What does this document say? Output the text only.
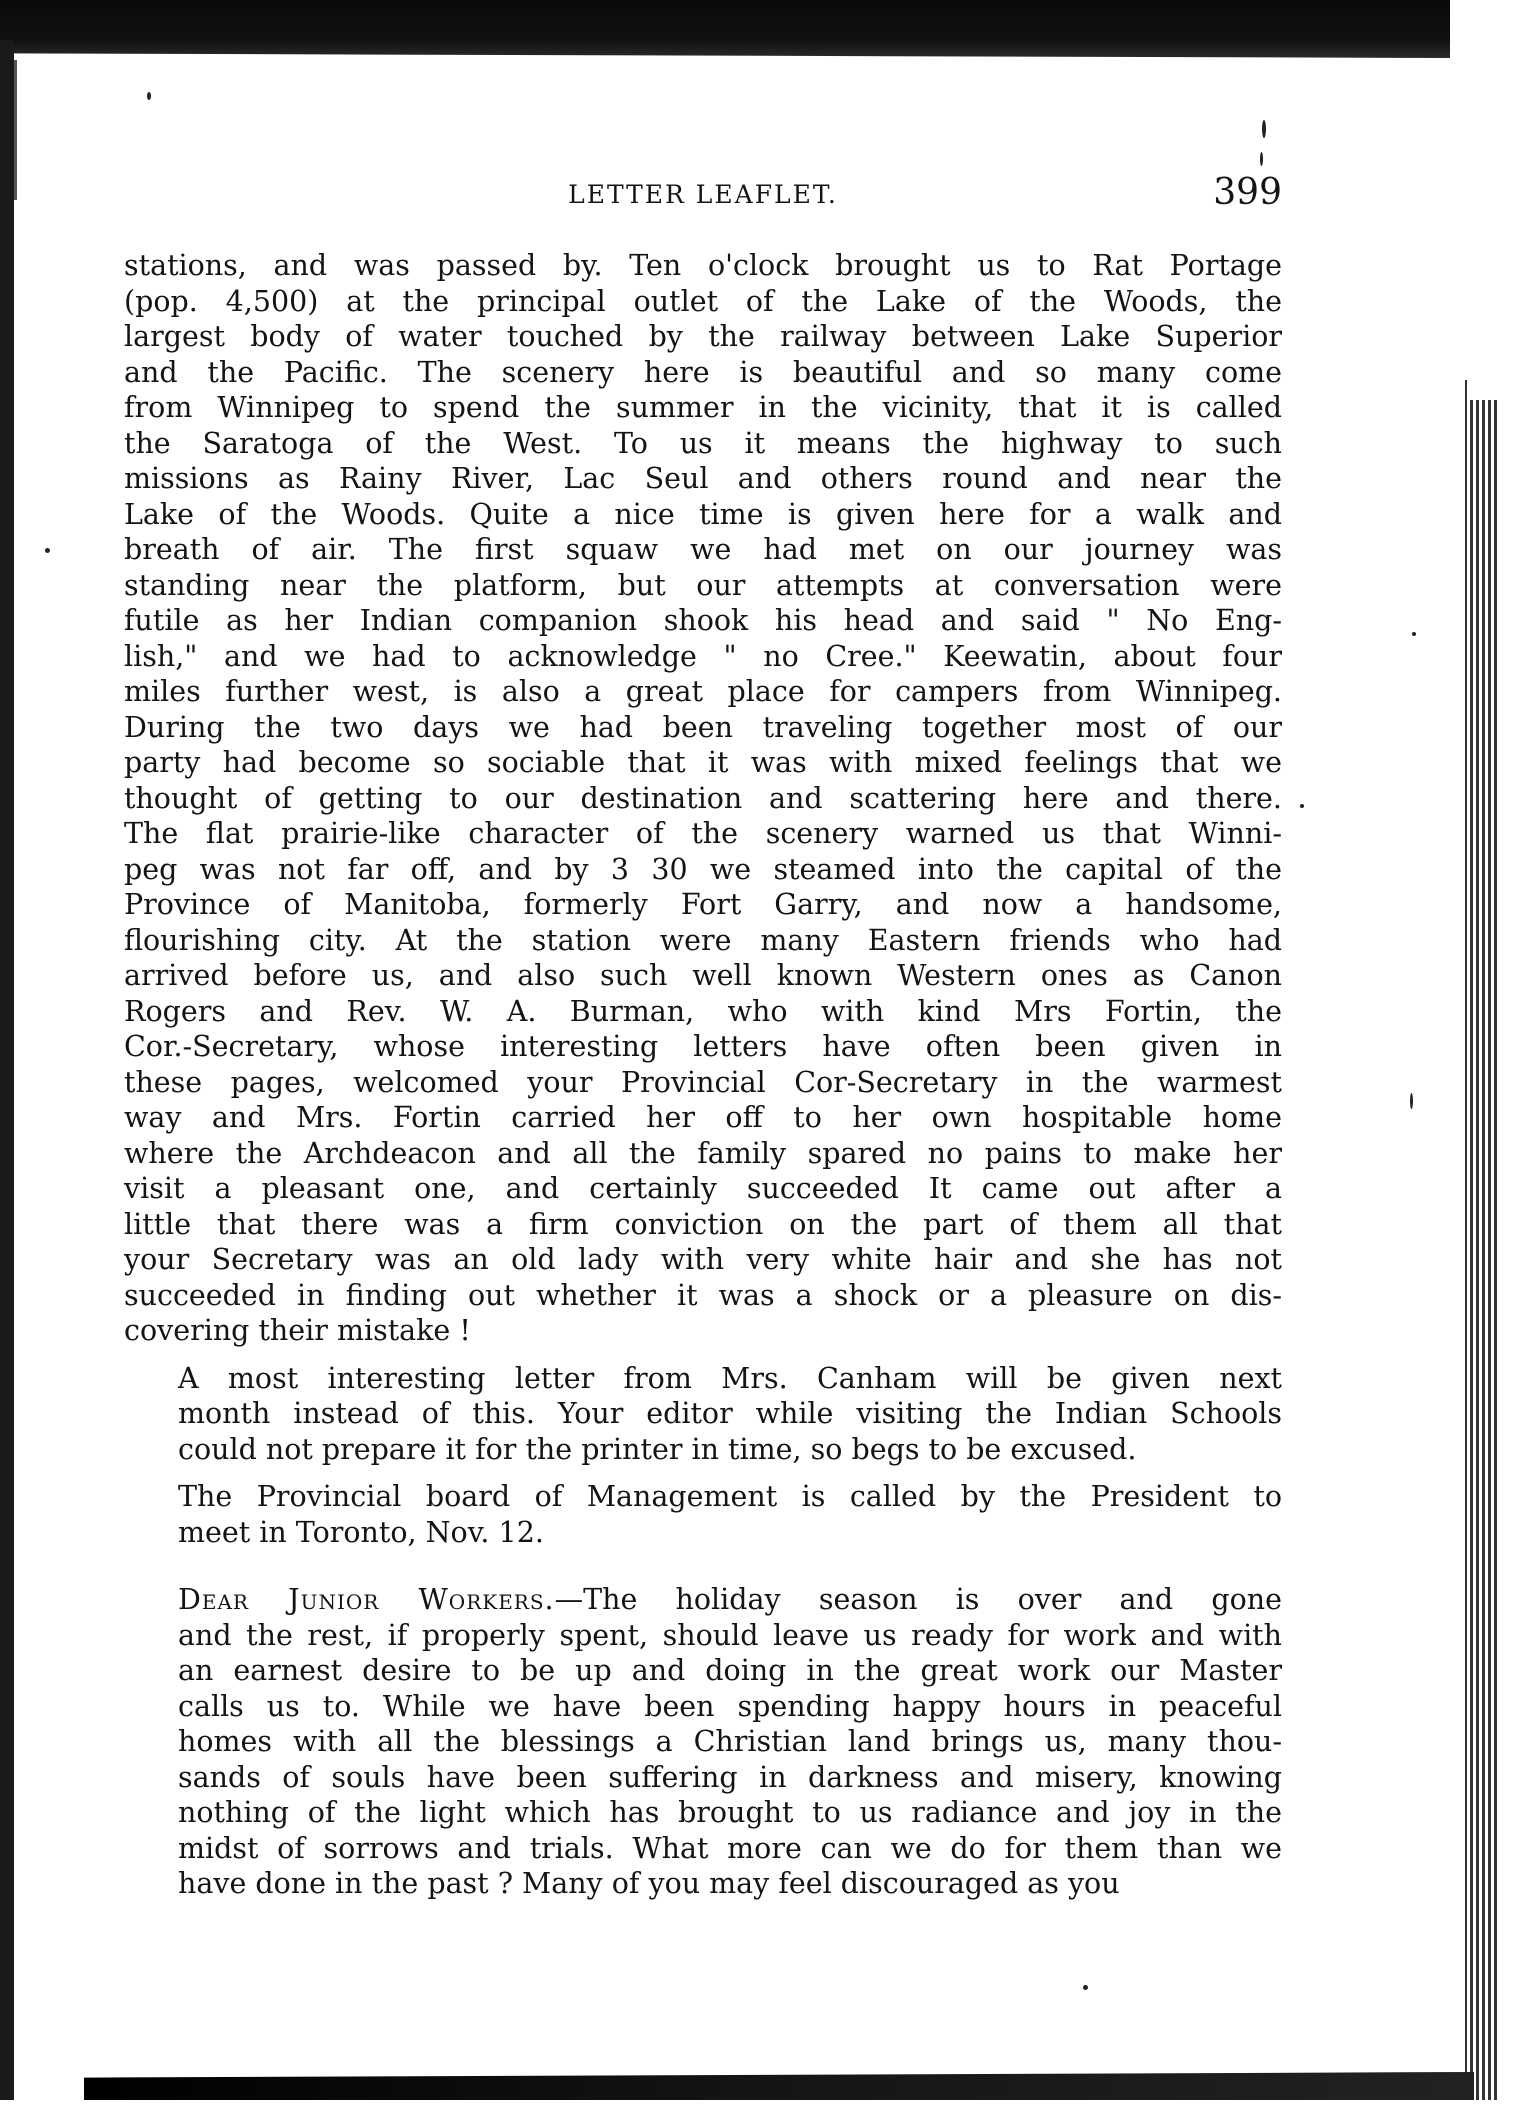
LETTER LEAFLET.	399

stations, and was passed by. Ten o'clock brought us to Rat Portage
(pop. 4,500) at the principal outlet of the Lake of the Woods, the
largest body of water touched by the railway between Lake Superior
and the Pacific. The scenery here is beautiful and so many come
from Winnipeg to spend the summer in the vicinity, that it is called
the Saratoga of the West. To us it means the highway to such
missions as Rainy River, Lac Seul and others round and near the
Lake of the Woods. Quite a nice time is given here for a walk and
breath of air. The first squaw we had met on our journey was
standing near the platform, but our attempts at conversation were
futile as her Indian companion shook his head and said " No Eng-
lish," and we had to acknowledge " no Cree." Keewatin, about four
miles further west, is also a great place for campers from Winnipeg.
During the two days we had been traveling together most of our
party had become so sociable that it was with mixed feelings that we
thought of getting to our destination and scattering here and there.
The flat prairie-like character of the scenery warned us that Winni-
peg was not far off, and by 3 30 we steamed into the capital of the
Province of Manitoba, formerly Fort Garry, and now a handsome,
flourishing city. At the station were many Eastern friends who had
arrived before us, and also such well known Western ones as Canon
Rogers and Rev. W. A. Burman, who with kind Mrs Fortin, the
Cor.-Secretary, whose interesting letters have often been given in
these pages, welcomed your Provincial Cor-Secretary in the warmest
way and Mrs. Fortin carried her off to her own hospitable home
where the Archdeacon and all the family spared no pains to make her
visit a pleasant one, and certainly succeeded It came out after a
little that there was a firm conviction on the part of them all that
your Secretary was an old lady with very white hair and she has not
succeeded in finding out whether it was a shock or a pleasure on dis-
covering their mistake !

A most interesting letter from Mrs. Canham will be given next
month instead of this. Your editor while visiting the Indian Schools
could not prepare it for the printer in time, so begs to be excused.

The Provincial board of Management is called by the President to
meet in Toronto, Nov. 12.

Dear Junior Workers.—The holiday season is over and gone
and the rest, if properly spent, should leave us ready for work and with
an earnest desire to be up and doing in the great work our Master
calls us to. While we have been spending happy hours in peaceful
homes with all the blessings a Christian land brings us, many thou-
sands of souls have been suffering in darkness and misery, knowing
nothing of the light which has brought to us radiance and joy in the
midst of sorrows and trials. What more can we do for them than we
have done in the past ? Many of you may feel discouraged as you
